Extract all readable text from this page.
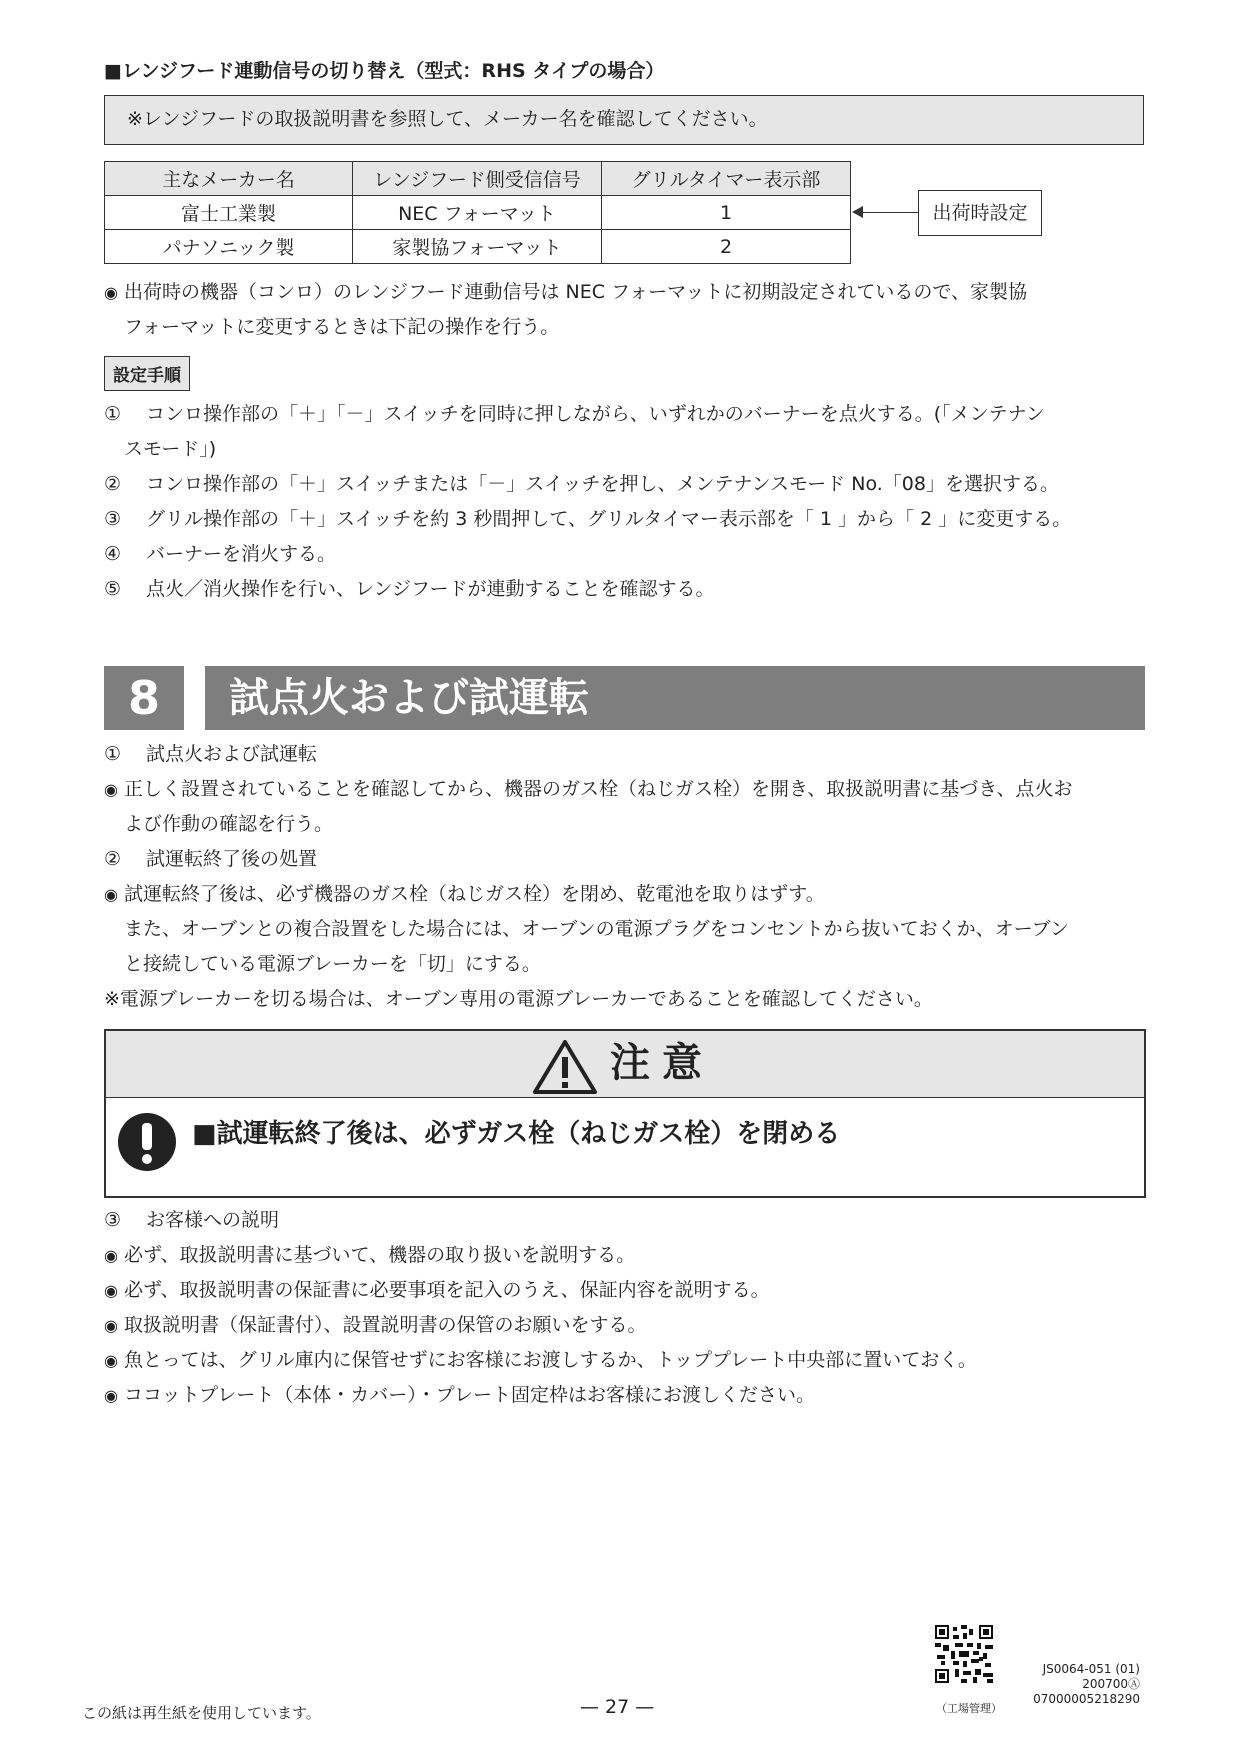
■レンジフード連動信号の切り替え（型式：RHS タイプの場合）
※レンジフードの取扱説明書を参照して、メーカー名を確認してください。
主なメーカー名	レンジフード側受信信号	グリルタイマー表示部
富士工業製	NEC フォーマット	1
パナソニック製	家製協フォーマット	2
出荷時設定
◉ 出荷時の機器（コンロ）のレンジフード連動信号は NEC フォーマットに初期設定されているので、家製協
フォーマットに変更するときは下記の操作を行う。
設定手順
① コンロ操作部の「＋」「－」スイッチを同時に押しながら、いずれかのバーナーを点火する。(「メンテナン
スモード」)
② コンロ操作部の「＋」スイッチまたは「－」スイッチを押し、メンテナンスモード No.「08」を選択する。
③ グリル操作部の「＋」スイッチを約 3 秒間押して、グリルタイマー表示部を「 1 」から「 2 」に変更する。
④ バーナーを消火する。
⑤ 点火／消火操作を行い、レンジフードが連動することを確認する。
8	試点火および試運転
① 試点火および試運転
◉ 正しく設置されていることを確認してから、機器のガス栓（ねじガス栓）を開き、取扱説明書に基づき、点火お
よび作動の確認を行う。
② 試運転終了後の処置
◉ 試運転終了後は、必ず機器のガス栓（ねじガス栓）を閉め、乾電池を取りはずす。
また、オーブンとの複合設置をした場合には、オーブンの電源プラグをコンセントから抜いておくか、オーブン
と接続している電源ブレーカーを「切」にする。
※電源ブレーカーを切る場合は、オーブン専用の電源ブレーカーであることを確認してください。
注意
■試運転終了後は、必ずガス栓（ねじガス栓）を閉める
③ お客様への説明
◉ 必ず、取扱説明書に基づいて、機器の取り扱いを説明する。
◉ 必ず、取扱説明書の保証書に必要事項を記入のうえ、保証内容を説明する。
◉ 取扱説明書（保証書付）、設置説明書の保管のお願いをする。
◉ 魚とっては、グリル庫内に保管せずにお客様にお渡しするか、トッププレート中央部に置いておく。
◉ ココットプレート（本体・カバー）・プレート固定枠はお客様にお渡しください。
この紙は再生紙を使用しています。	— 27 —	（工場管理）
JS0064-051 (01)
200700Ⓐ
07000005218290
